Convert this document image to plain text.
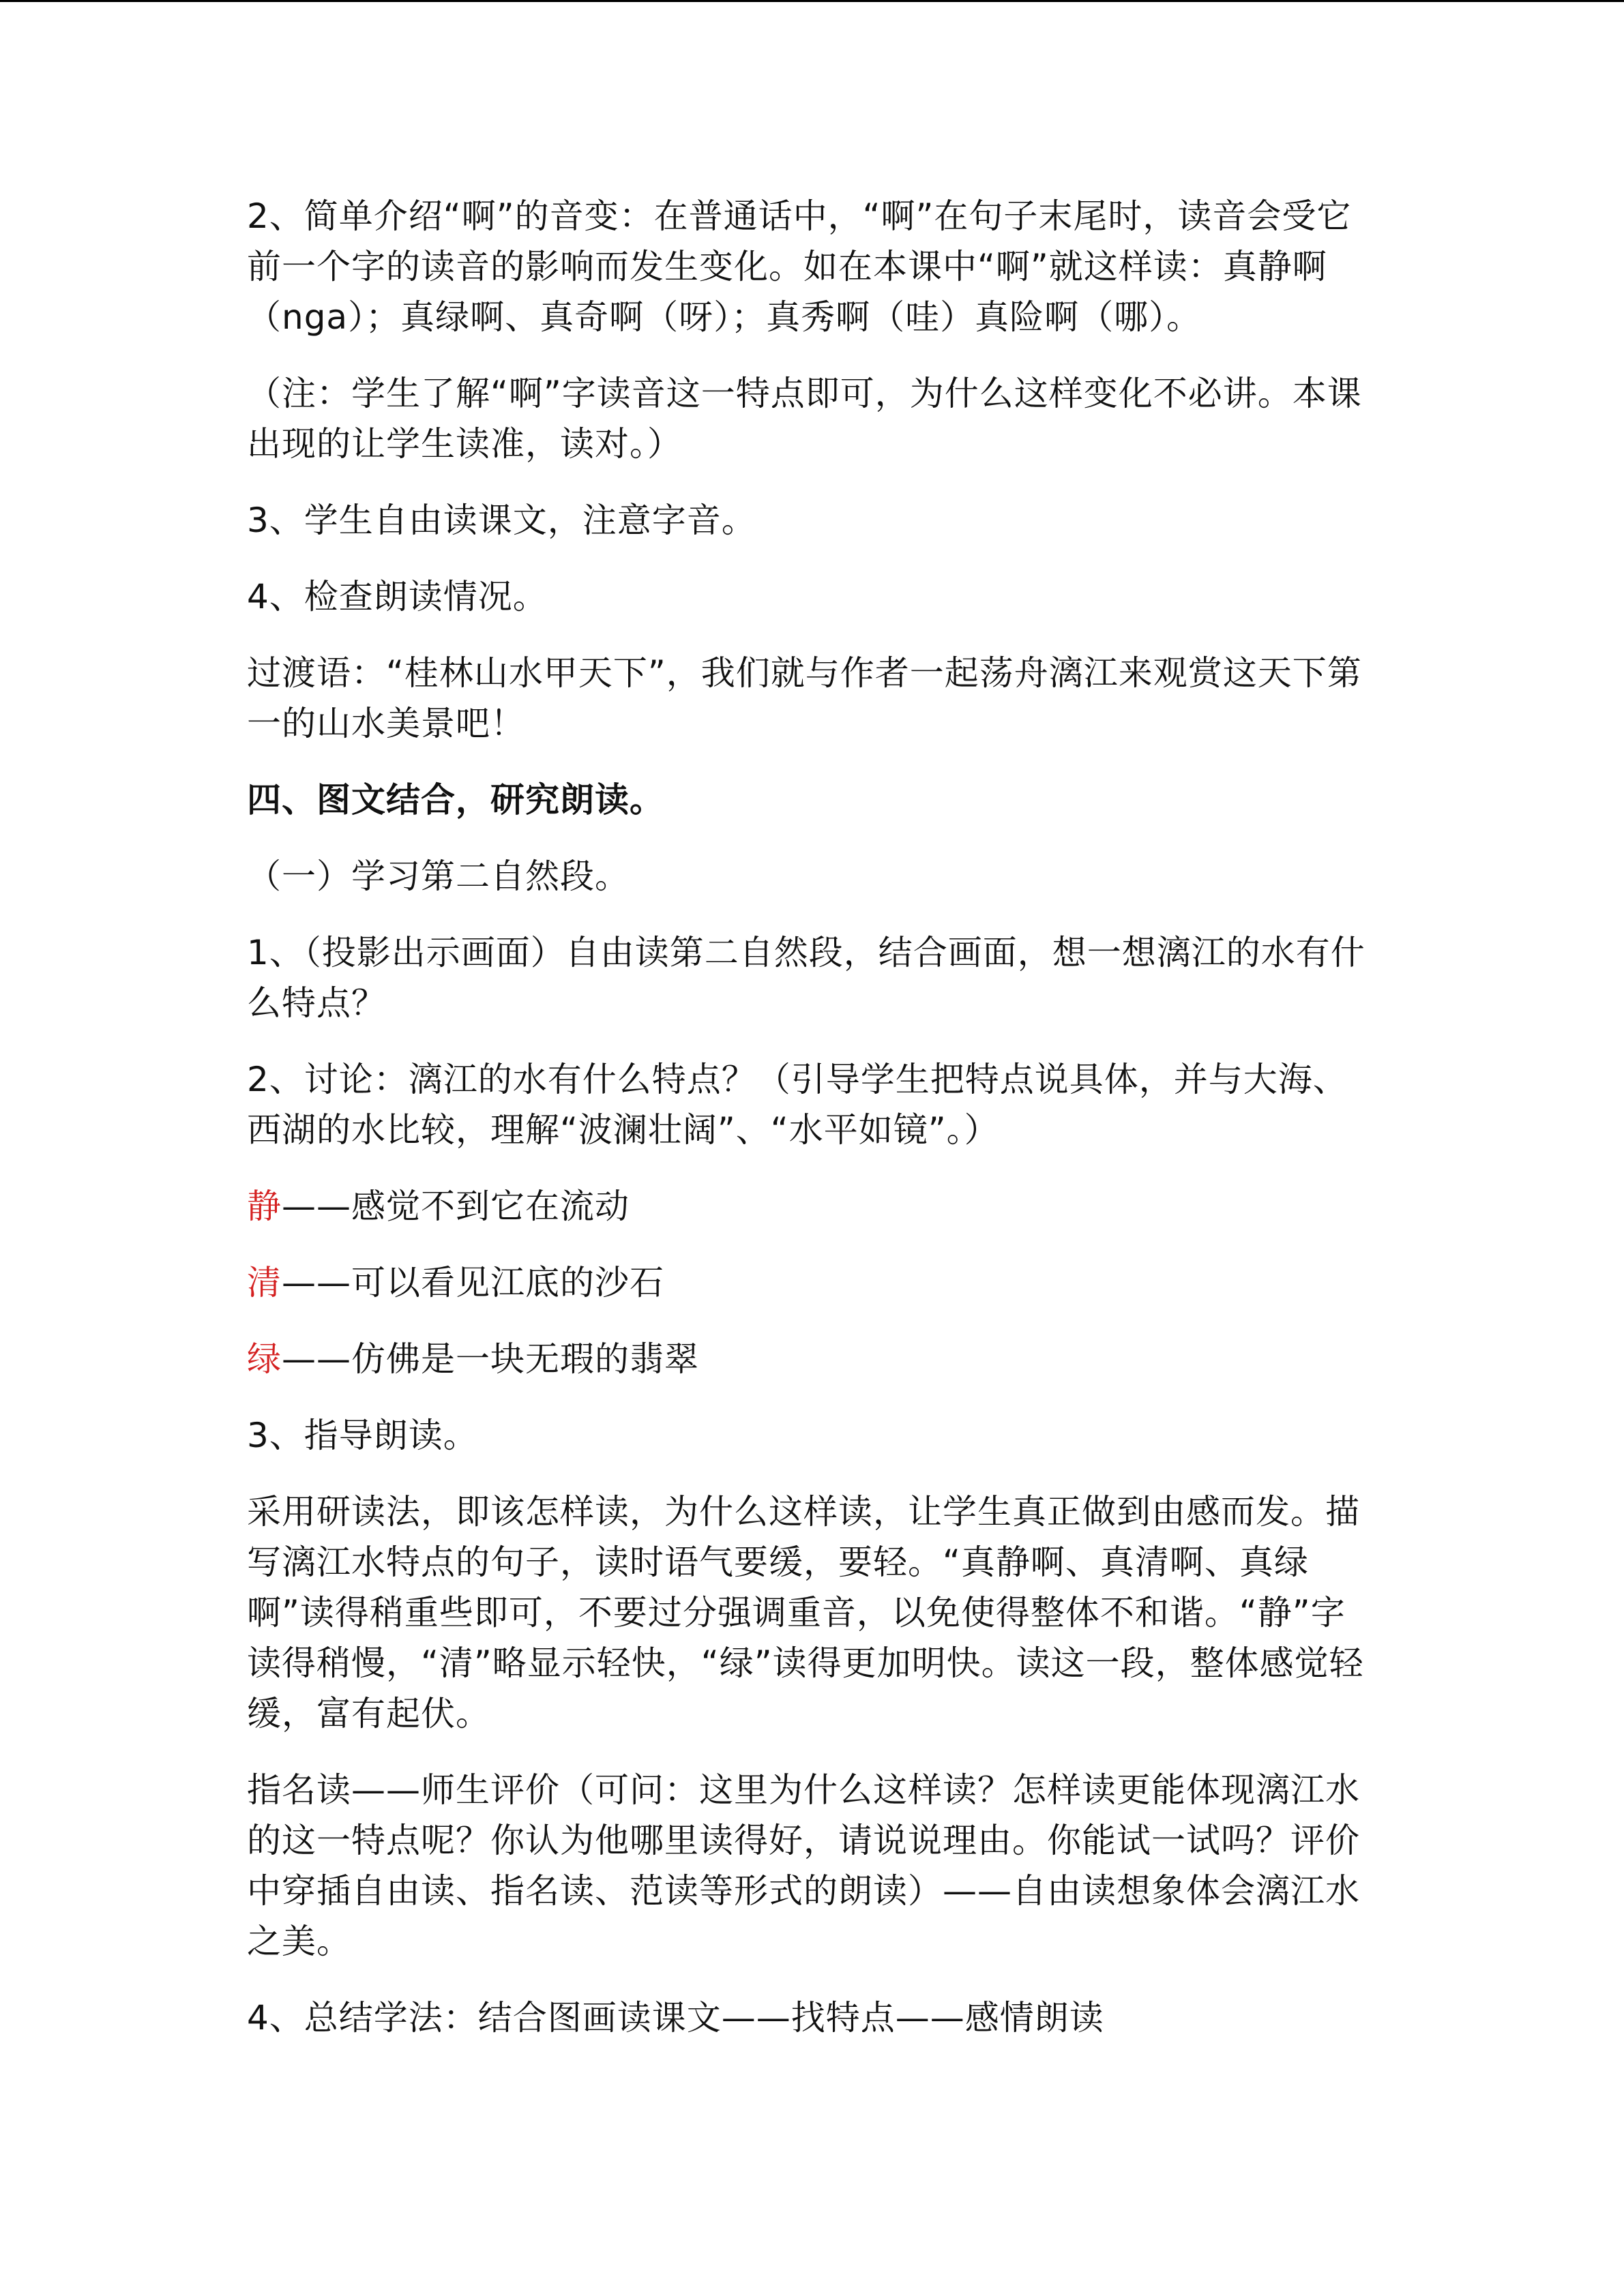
2、简单介绍“啊”的音变：在普通话中，“啊”在句子末尾时，读音会受它前一个字的读音的影响而发生变化。如在本课中“啊”就这样读：真静啊（nga）；真绿啊、真奇啊（呀）；真秀啊（哇）真险啊（哪）。

（注：学生了解“啊”字读音这一特点即可，为什么这样变化不必讲。本课出现的让学生读准，读对。）

3、学生自由读课文，注意字音。

4、检查朗读情况。

过渡语：“桂林山水甲天下”，我们就与作者一起荡舟漓江来观赏这天下第一的山水美景吧！

四、图文结合，研究朗读。

（一）学习第二自然段。

1、（投影出示画面）自由读第二自然段，结合画面，想一想漓江的水有什么特点？

2、讨论：漓江的水有什么特点？（引导学生把特点说具体，并与大海、西湖的水比较，理解“波澜壮阔”、“水平如镜”。）

静——感觉不到它在流动

清——可以看见江底的沙石

绿——仿佛是一块无瑕的翡翠

3、指导朗读。

采用研读法，即该怎样读，为什么这样读，让学生真正做到由感而发。描写漓江水特点的句子，读时语气要缓，要轻。“真静啊、真清啊、真绿啊”读得稍重些即可，不要过分强调重音，以免使得整体不和谐。“静”字读得稍慢，“清”略显示轻快，“绿”读得更加明快。读这一段，整体感觉轻缓，富有起伏。

指名读——师生评价（可问：这里为什么这样读？怎样读更能体现漓江水的这一特点呢？你认为他哪里读得好，请说说理由。你能试一试吗？评价中穿插自由读、指名读、范读等形式的朗读）——自由读想象体会漓江水之美。

4、总结学法：结合图画读课文——找特点——感情朗读
